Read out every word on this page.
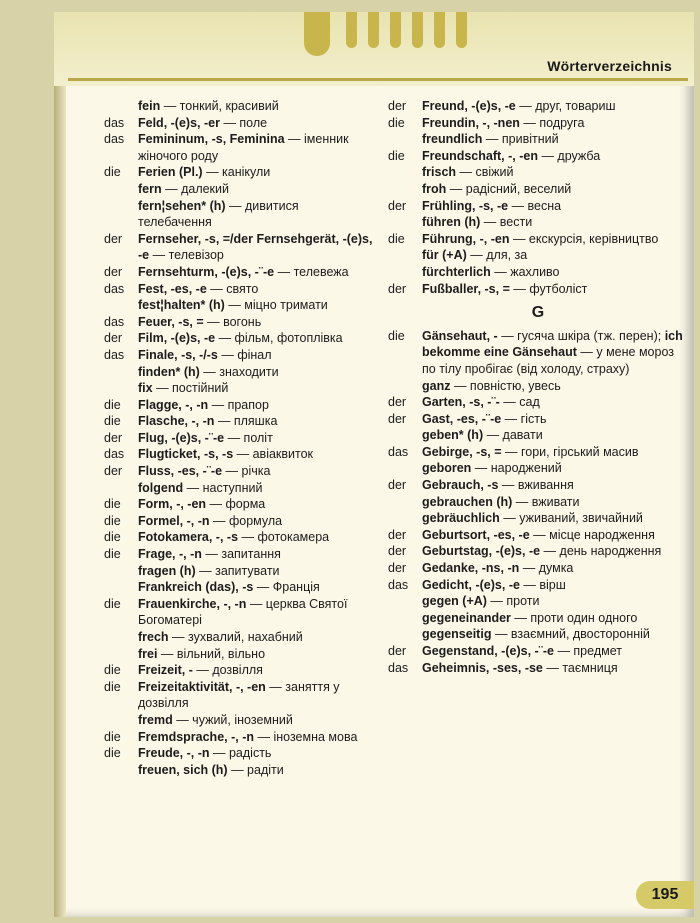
Wörterverzeichnis
fein — тонкий, красивий
das	Feld, -(e)s, -er — поле
das	Femininum, -s, Feminina — іменник жіночого роду
die	Ferien (Pl.) — канікули
fern — далекий
fern¦sehen* (h) — дивитися телебачення
der	Fernseher, -s, =/der Fernsehgerät, -(e)s, -e — телевізор
der	Fernsehturm, -(e)s, -¨-e — телевежа
das	Fest, -es, -e — свято
fest¦halten* (h) — міцно тримати
das	Feuer, -s, = — вогонь
der	Film, -(e)s, -e — фільм, фотоплівка
das	Finale, -s, -/-s — фінал
finden* (h) — знаходити
fix — постійний
die	Flagge, -, -n — прапор
die	Flasche, -, -n — пляшка
der	Flug, -(e)s, -¨-e — політ
das	Flugticket, -s, -s — авіаквиток
der	Fluss, -es, -¨-e — річка
folgend — наступний
die	Form, -, -en — форма
die	Formel, -, -n — формула
die	Fotokamera, -, -s — фотокамера
die	Frage, -, -n — запитання
fragen (h) — запитувати
Frankreich (das), -s — Франція
die	Frauenkirche, -, -n — церква Святої Богоматері
frech — зухвалий, нахабний
frei — вільний, вільно
die	Freizeit, - — дозвілля
die	Freizeitaktivität, -, -en — заняття у дозвілля
fremd — чужий, іноземний
die	Fremdsprache, -, -n — іноземна мова
die	Freude, -, -n — радість
freuen, sich (h) — радіти
der	Freund, -(e)s, -e — друг, товариш
die	Freundin, -, -nen — подруга
freundlich — привітний
die	Freundschaft, -, -en — дружба
frisch — свіжий
froh — радісний, веселий
der	Frühling, -s, -e — весна
führen (h) — вести
die	Führung, -, -en — екскурсія, керівництво
für (+A) — для, за
fürchterlich — жахливо
der	Fußballer, -s, = — футболіст
G
die	Gänsehaut, - — гусяча шкіра (тж. перен); ich bekomme eine Gänsehaut — у мене мороз по тілу пробігає (від холоду, страху)
ganz — повністю, увесь
der	Garten, -s, -¨- — сад
der	Gast, -es, -¨-e — гість
geben* (h) — давати
das	Gebirge, -s, = — гори, гірський масив
geboren — народжений
der	Gebrauch, -s — вживання
gebrauchen (h) — вживати
gebräuchlich — уживаний, звичайний
der	Geburtsort, -es, -e — місце народження
der	Geburtstag, -(e)s, -e — день народження
der	Gedanke, -ns, -n — думка
das	Gedicht, -(e)s, -e — вірш
gegen (+A) — проти
gegeneinander — проти один одного
gegenseitig — взаємний, двосторонній
der	Gegenstand, -(e)s, -¨-e — предмет
das	Geheimnis, -ses, -se — таємниця
195
